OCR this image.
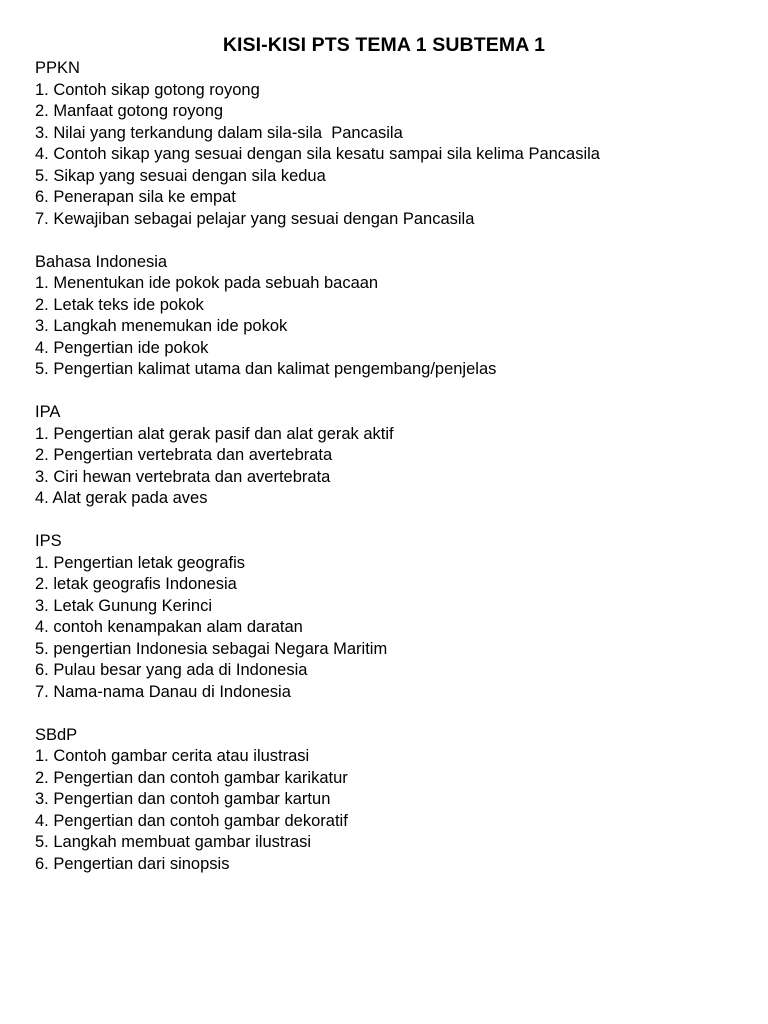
KISI-KISI PTS TEMA 1 SUBTEMA 1
PPKN
1. Contoh sikap gotong royong
2. Manfaat gotong royong
3. Nilai yang terkandung dalam sila-sila  Pancasila
4. Contoh sikap yang sesuai dengan sila kesatu sampai sila kelima Pancasila
5. Sikap yang sesuai dengan sila kedua
6. Penerapan sila ke empat
7. Kewajiban sebagai pelajar yang sesuai dengan Pancasila
Bahasa Indonesia
1. Menentukan ide pokok pada sebuah bacaan
2. Letak teks ide pokok
3. Langkah menemukan ide pokok
4. Pengertian ide pokok
5. Pengertian kalimat utama dan kalimat pengembang/penjelas
IPA
1. Pengertian alat gerak pasif dan alat gerak aktif
2. Pengertian vertebrata dan avertebrata
3. Ciri hewan vertebrata dan avertebrata
4. Alat gerak pada aves
IPS
1. Pengertian letak geografis
2. letak geografis Indonesia
3. Letak Gunung Kerinci
4. contoh kenampakan alam daratan
5. pengertian Indonesia sebagai Negara Maritim
6. Pulau besar yang ada di Indonesia
7. Nama-nama Danau di Indonesia
SBdP
1. Contoh gambar cerita atau ilustrasi
2. Pengertian dan contoh gambar karikatur
3. Pengertian dan contoh gambar kartun
4. Pengertian dan contoh gambar dekoratif
5. Langkah membuat gambar ilustrasi
6. Pengertian dari sinopsis
